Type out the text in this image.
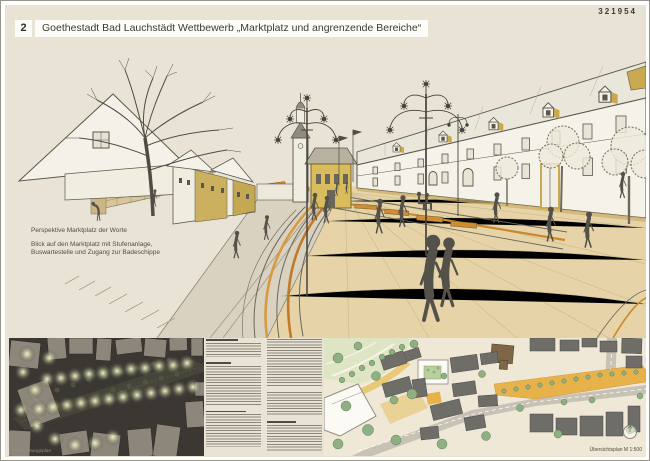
321954
2	Goethestadt Bad Lauchstädt Wettbewerb „Marktplatz und angrenzende Bereiche“
Perspektive Marktplatz der Worte
Blick auf den Marktplatz mit Stufenanlage,
Buswartestelle und Zugang zur Badeschippe
Beleuchtungsplan	Übersichtsplan M 1:500
